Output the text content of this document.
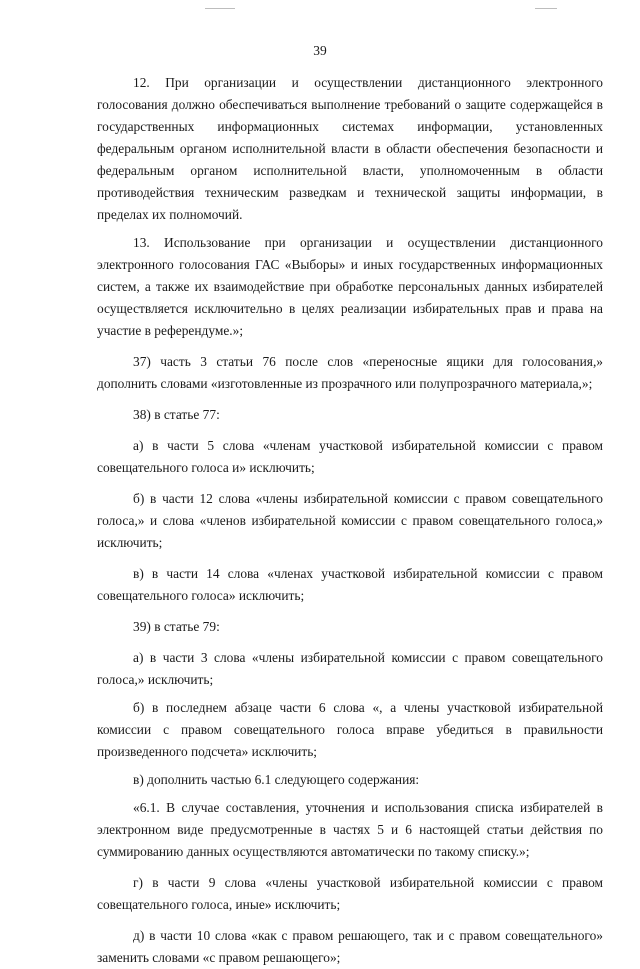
39

12. При организации и осуществлении дистанционного электронного голосования должно обеспечиваться выполнение требований о защите содержащейся в государственных информационных системах информации, установленных федеральным органом исполнительной власти в области обеспечения безопасности и федеральным органом исполнительной власти, уполномоченным в области противодействия техническим разведкам и технической защиты информации, в пределах их полномочий.

13. Использование при организации и осуществлении дистанционного электронного голосования ГАС «Выборы» и иных государственных информационных систем, а также их взаимодействие при обработке персональных данных избирателей осуществляется исключительно в целях реализации избирательных прав и права на участие в референдуме.»;

37) часть 3 статьи 76 после слов «переносные ящики для голосования,» дополнить словами «изготовленные из прозрачного или полупрозрачного материала,»;

38) в статье 77:

а) в части 5 слова «членам участковой избирательной комиссии с правом совещательного голоса и» исключить;

б) в части 12 слова «члены избирательной комиссии с правом совещательного голоса,» и слова «членов избирательной комиссии с правом совещательного голоса,» исключить;

в) в части 14 слова «членах участковой избирательной комиссии с правом совещательного голоса» исключить;

39) в статье 79:

а) в части 3 слова «члены избирательной комиссии с правом совещательного голоса,» исключить;

б) в последнем абзаце части 6 слова «, а члены участковой избирательной комиссии с правом совещательного голоса вправе убедиться в правильности произведенного подсчета» исключить;

в) дополнить частью 6.1 следующего содержания:

«6.1. В случае составления, уточнения и использования списка избирателей в электронном виде предусмотренные в частях 5 и 6 настоящей статьи действия по суммированию данных осуществляются автоматически по такому списку.»;

г) в части 9 слова «члены участковой избирательной комиссии с правом совещательного голоса, иные» исключить;

д) в части 10 слова «как с правом решающего, так и с правом совещательного» заменить словами «с правом решающего»;
